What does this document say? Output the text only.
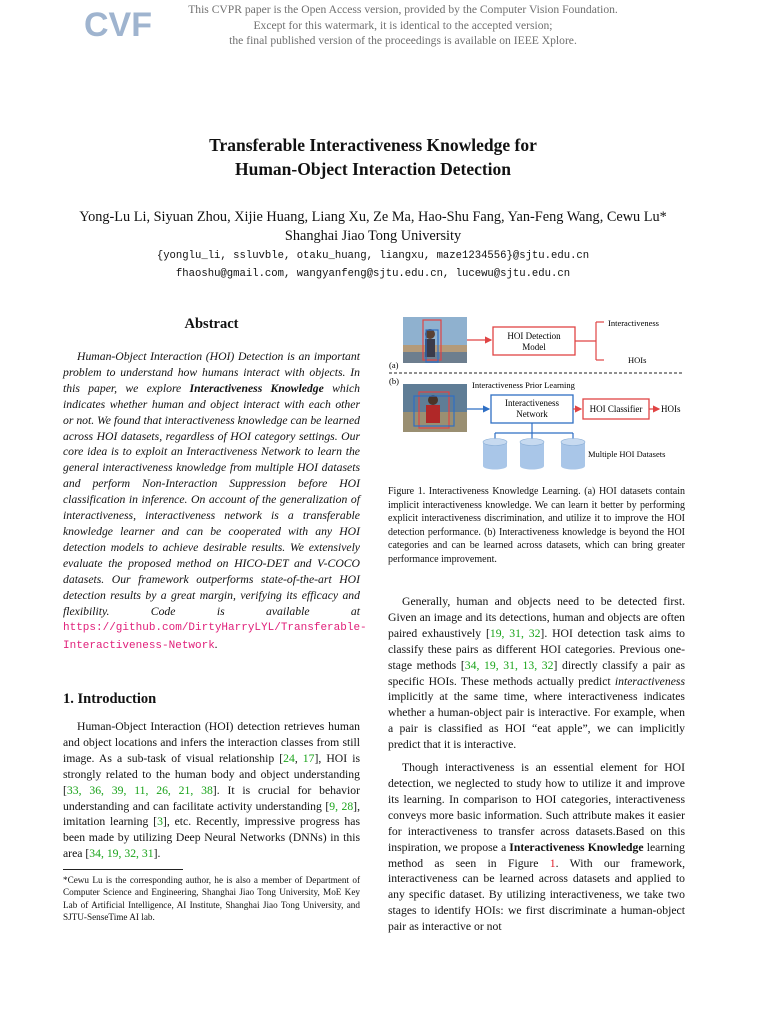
CVF	This CVPR paper is the Open Access version, provided by the Computer Vision Foundation.
Except for this watermark, it is identical to the accepted version;
the final published version of the proceedings is available on IEEE Xplore.
Transferable Interactiveness Knowledge for
Human-Object Interaction Detection
Yong-Lu Li, Siyuan Zhou, Xijie Huang, Liang Xu, Ze Ma, Hao-Shu Fang, Yan-Feng Wang, Cewu Lu*
Shanghai Jiao Tong University
{yonglu_li, ssluvble, otaku_huang, liangxu, maze1234556}@sjtu.edu.cn
fhaoshu@gmail.com, wangyanfeng@sjtu.edu.cn, lucewu@sjtu.edu.cn
Abstract

Human-Object Interaction (HOI) Detection is an important problem to understand how humans interact with objects. In this paper, we explore Interactiveness Knowledge which indicates whether human and object interact with each other or not. We found that interactiveness knowledge can be learned across HOI datasets, regardless of HOI category settings. Our core idea is to exploit an Interactiveness Network to learn the general interactiveness knowledge from multiple HOI datasets and perform Non-Interaction Suppression before HOI classification in inference. On account of the generalization of interactiveness, interactiveness network is a transferable knowledge learner and can be cooperated with any HOI detection models to achieve desirable results. We extensively evaluate the proposed method on HICO-DET and V-COCO datasets. Our framework outperforms state-of-the-art HOI detection results by a great margin, verifying its efficacy and flexibility. Code is available at https://github.com/DirtyHarryLYL/Transferable-Interactiveness-Network.

1. Introduction

Human-Object Interaction (HOI) detection retrieves human and object locations and infers the interaction classes from still image. As a sub-task of visual relationship [24, 17], HOI is strongly related to the human body and object understanding [33, 36, 39, 11, 26, 21, 38]. It is crucial for behavior understanding and can facilitate activity understanding [9, 28], imitation learning [3], etc. Recently, impressive progress has been made by utilizing Deep Neural Networks (DNNs) in this area [34, 19, 32, 31].

*Cewu Lu is the corresponding author, he is also a member of Department of Computer Science and Engineering, Shanghai Jiao Tong University, MoE Key Lab of Artificial Intelligence, AI Institute, Shanghai Jiao Tong University, and SJTU-SenseTime AI lab.
HOI Detection
Model
Interactiveness
HOIs
(a)
(b)	Interactiveness Prior Learning
Interactiveness
Network	HOI Classifier HOIs
Multiple HOI Datasets
Figure 1. Interactiveness Knowledge Learning. (a) HOI datasets contain implicit interactiveness knowledge. We can learn it better by performing explicit interactiveness discrimination, and utilize it to improve the HOI detection performance. (b) Interactiveness knowledge is beyond the HOI categories and can be learned across datasets, which can bring greater performance improvement.

Generally, human and objects need to be detected first. Given an image and its detections, human and objects are often paired exhaustively [19, 31, 32]. HOI detection task aims to classify these pairs as different HOI categories. Previous one-stage methods [34, 19, 31, 13, 32] directly classify a pair as specific HOIs. These methods actually predict interactiveness implicitly at the same time, where interactiveness indicates whether a human-object pair is interactive. For example, when a pair is classified as HOI “eat apple”, we can implicitly predict that it is interactive.

Though interactiveness is an essential element for HOI detection, we neglected to study how to utilize it and improve its learning. In comparison to HOI categories, interactiveness conveys more basic information. Such attribute makes it easier for interactiveness to transfer across datasets.Based on this inspiration, we propose a Interactiveness Knowledge learning method as seen in Figure 1. With our framework, interactiveness can be learned across datasets and applied to any specific dataset. By utilizing interactiveness, we take two stages to identify HOIs: we first discriminate a human-object pair as interactive or not
